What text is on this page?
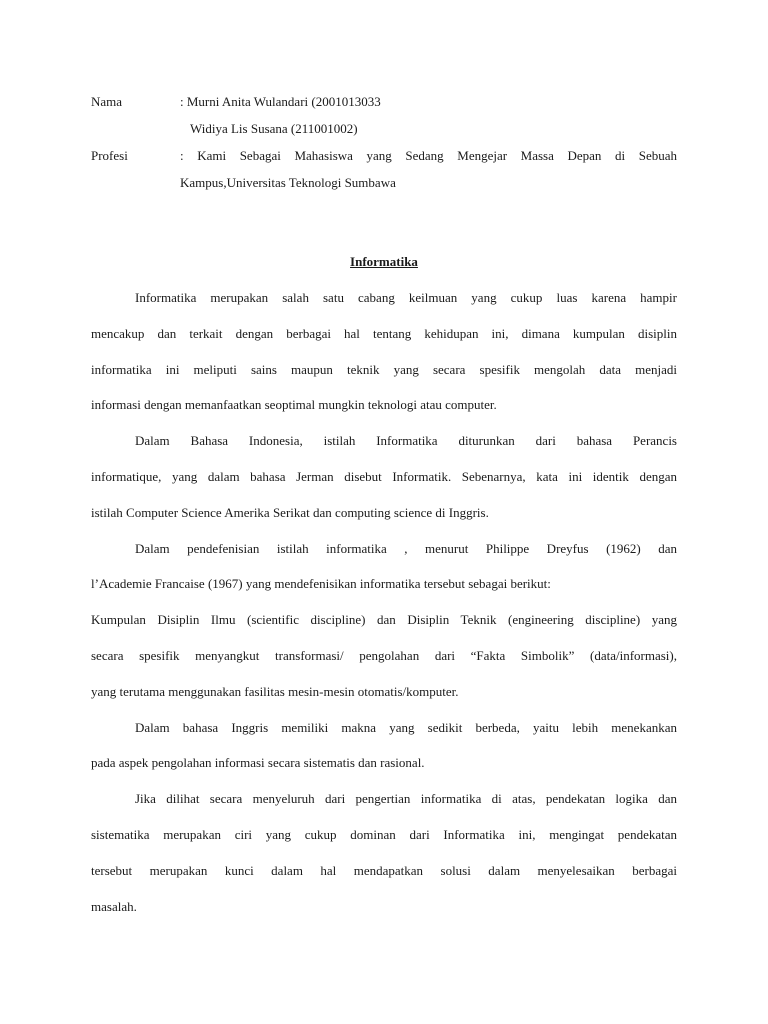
Nama	: Murni Anita Wulandari (2001013033
Widiya Lis Susana (211001002)
Profesi	: Kami Sebagai Mahasiswa yang Sedang Mengejar Massa Depan di Sebuah
Kampus,Universitas Teknologi Sumbawa
Informatika
Informatika merupakan salah satu cabang keilmuan yang cukup luas karena hampir
mencakup dan terkait dengan berbagai hal tentang kehidupan ini, dimana kumpulan disiplin
informatika ini meliputi sains maupun teknik yang secara spesifik mengolah data menjadi
informasi dengan memanfaatkan seoptimal mungkin teknologi atau computer.
Dalam Bahasa Indonesia, istilah Informatika diturunkan dari bahasa Perancis
informatique, yang dalam bahasa Jerman disebut Informatik. Sebenarnya, kata ini identik dengan
istilah Computer Science Amerika Serikat dan computing science di Inggris.
Dalam pendefenisian istilah informatika , menurut Philippe Dreyfus (1962) dan
l’Academie Francaise (1967) yang mendefenisikan informatika tersebut sebagai berikut:
Kumpulan Disiplin Ilmu (scientific discipline) dan Disiplin Teknik (engineering discipline) yang
secara spesifik menyangkut transformasi/ pengolahan dari “Fakta Simbolik” (data/informasi),
yang terutama menggunakan fasilitas mesin-mesin otomatis/komputer.
Dalam bahasa Inggris memiliki makna yang sedikit berbeda, yaitu lebih menekankan
pada aspek pengolahan informasi secara sistematis dan rasional.
Jika dilihat secara menyeluruh dari pengertian informatika di atas, pendekatan logika dan
sistematika merupakan ciri yang cukup dominan dari Informatika ini, mengingat pendekatan
tersebut merupakan kunci dalam hal mendapatkan solusi dalam menyelesaikan berbagai
masalah.
